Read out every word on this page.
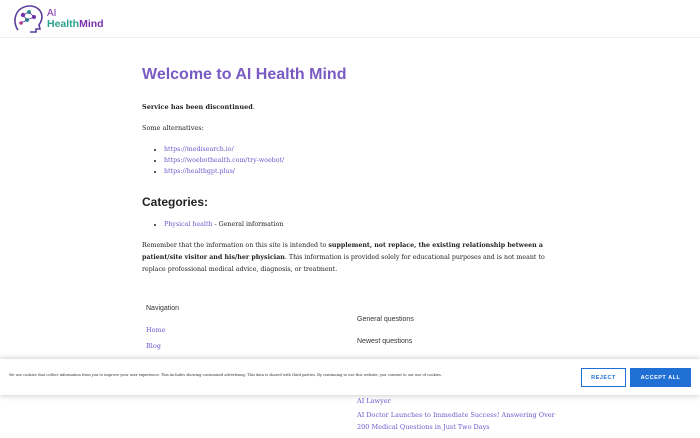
AI
HealthMind
Welcome to AI Health Mind

Service has been discontinued.

Some alternatives:

• https://medisearch.io/
• https://woebothealth.com/try-woebot/
• https://healthgpt.plus/
Categories:
• Physical health - General information

Remember that the information on this site is intended to supplement, not replace, the existing relationship between a patient/site visitor and his/her physician. This information is provided solely for educational purposes and is not meant to replace professional medical advice, diagnosis, or treatment.

Navigation
Home
Blog
General questions
Newest questions
AI Lawyer
AI Doctor Launches to Immediate Success! Answering Over 200 Medical Questions in Just Two Days
We use cookies that collect information from you to improve your user experience. This includes showing customized advertising. This data is shared with third parties. By continuing to use this website, you consent to our use of cookies.	REJECT	ACCEPT ALL
